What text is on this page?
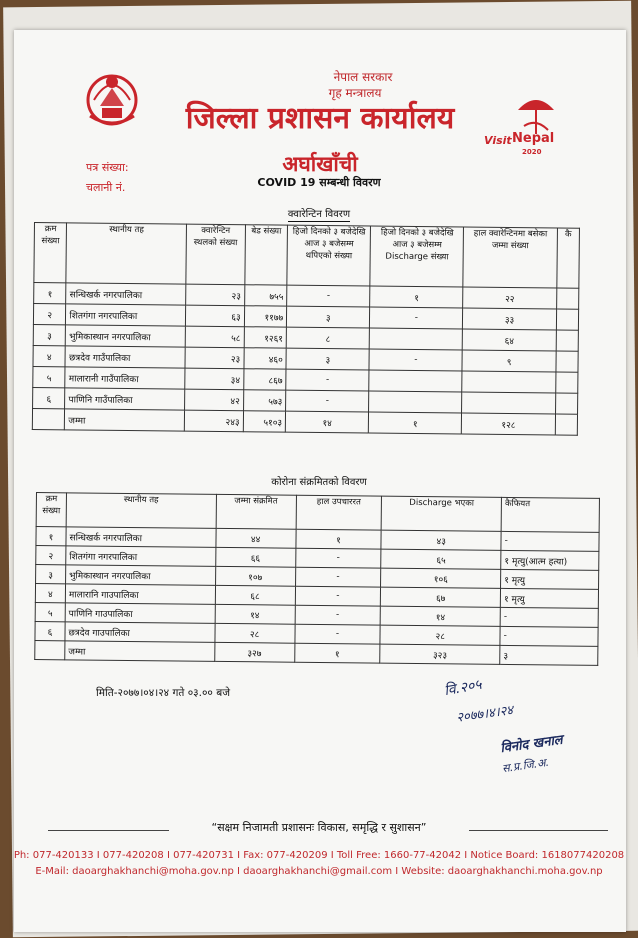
नेपाल सरकार
गृह मन्त्रालय
जिल्ला प्रशासन कार्यालय
अर्घाखाँची
Visit Nepal
2020
पत्र संख्या:
चलानी नं.	COVID 19 सम्बन्धी विवरण
क्वारेन्टिन विवरण
क्रम संख्या	स्थानीय तह	क्वारेन्टिन स्थलको संख्या	बेड संख्या	हिजो दिनको ३ बजेदेखि आज ३ बजेसम्म थपिएको संख्या	हिजो दिनको ३ बजेदेखि आज ३ बजेसम्म Discharge संख्या	हाल क्वारेन्टिनमा बसेका जम्मा संख्या	कै
१	सन्धिखर्क नगरपालिका	२३	७५५	-	१	२२	
२	शितगंगा नगरपालिका	६३	११७७	३	-	३३	
३	भुमिकास्थान नगरपालिका	५८	१२६१	८		६४	
४	छत्रदेव गाउँपालिका	२३	४६०	३	-	९	
५	मालारानी गाउँपालिका	३४	८६७	-			
६	पाणिनि गाउँपालिका	४२	५७३	-			
	जम्मा	२४३	५१०३	१४	१	१२८	
कोरोना संक्रमितको विवरण
क्रम संख्या	स्थानीय तह	जम्मा संक्रमित	हाल उपचाररत	Discharge भएका	कैफियत
१	सन्धिखर्क नगरपालिका	४४	१	४३	-
२	शितगंगा नगरपालिका	६६	-	६५	१ मृत्यु(आत्म हत्या)
३	भुमिकास्थान नगरपालिका	१०७	-	१०६	१ मृत्यु
४	मालारानि गाउपालिका	६८	-	६७	१ मृत्यु
५	पाणिनि गाउपालिका	१४	-	१४	-
६	छत्रदेव गाउपालिका	२८	-	२८	-
	जम्मा	३२७	१	३२३	३
मिति-२०७७।०४।२४ गते ०३.०० बजे	वि.२०५
२०७७।४।२४
विनोद खनाल
स.प्र.जि.अ.
“सक्षम निजामती प्रशासनः विकास, समृद्धि र सुशासन”
Ph: 077-420133 I 077-420208 I 077-420731 I Fax: 077-420209 I Toll Free: 1660-77-42042 I Notice Board: 1618077420208
E-Mail: daoarghakhanchi@moha.gov.np I daoarghakhanchi@gmail.com I Website: daoarghakhanchi.moha.gov.np
